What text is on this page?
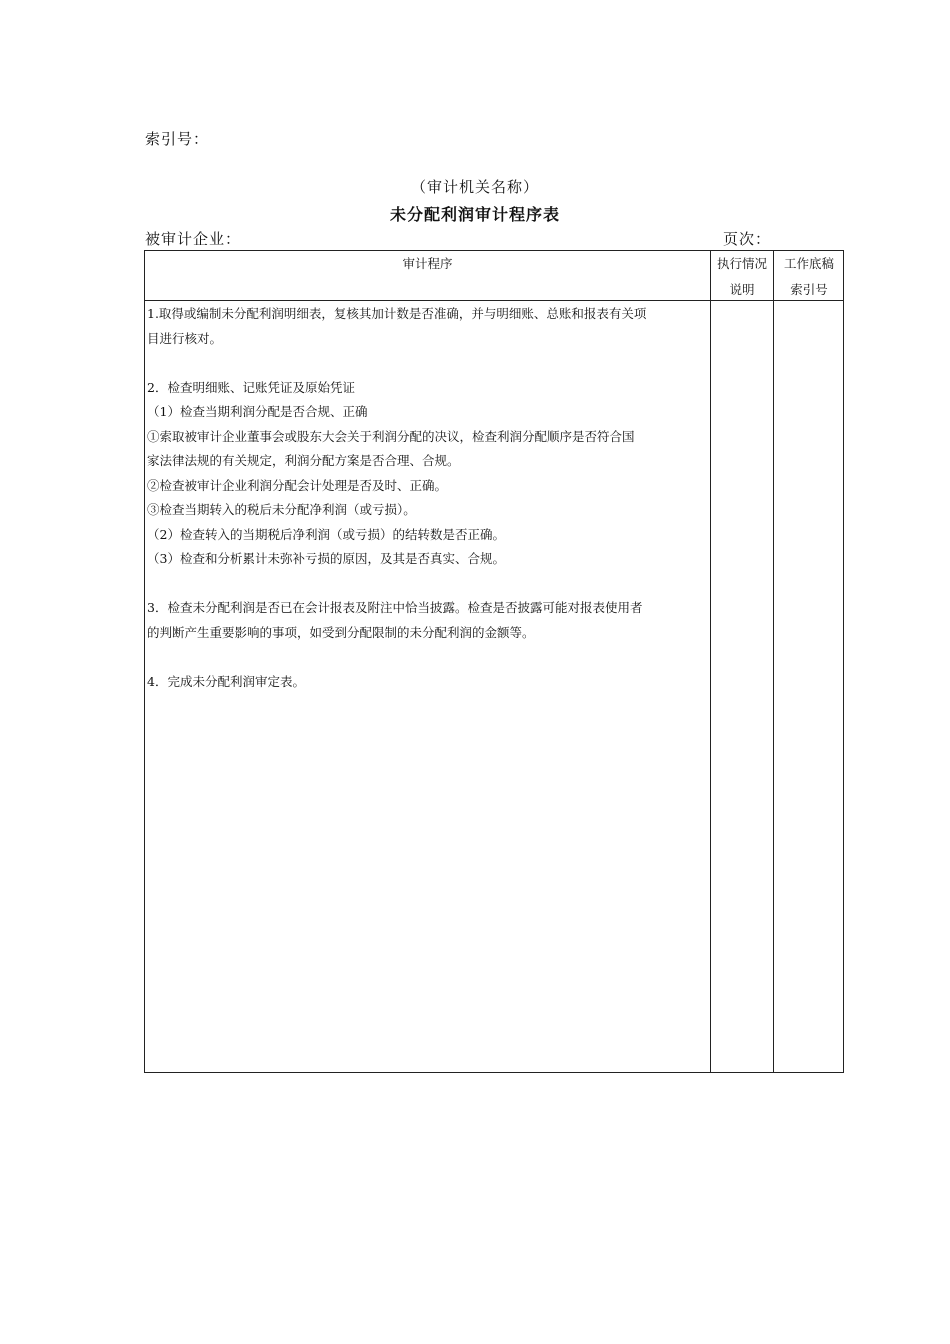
索引号：
（审计机关名称）
未分配利润审计程序表
被审计企业：	页次：
审计程序	执行情况
说明
工作底稿
索引号
1.取得或编制未分配利润明细表，复核其加计数是否准确，并与明细账、总账和报表有关项
目进行核对。
2．检查明细账、记账凭证及原始凭证
（1）检查当期利润分配是否合规、正确
①索取被审计企业董事会或股东大会关于利润分配的决议，检查利润分配顺序是否符合国
家法律法规的有关规定，利润分配方案是否合理、合规。
②检查被审计企业利润分配会计处理是否及时、正确。
③检查当期转入的税后未分配净利润（或亏损）。
（2）检查转入的当期税后净利润（或亏损）的结转数是否正确。
（3）检查和分析累计未弥补亏损的原因，及其是否真实、合规。
3．检查未分配利润是否已在会计报表及附注中恰当披露。检查是否披露可能对报表使用者
的判断产生重要影响的事项，如受到分配限制的未分配利润的金额等。
4．完成未分配利润审定表。
